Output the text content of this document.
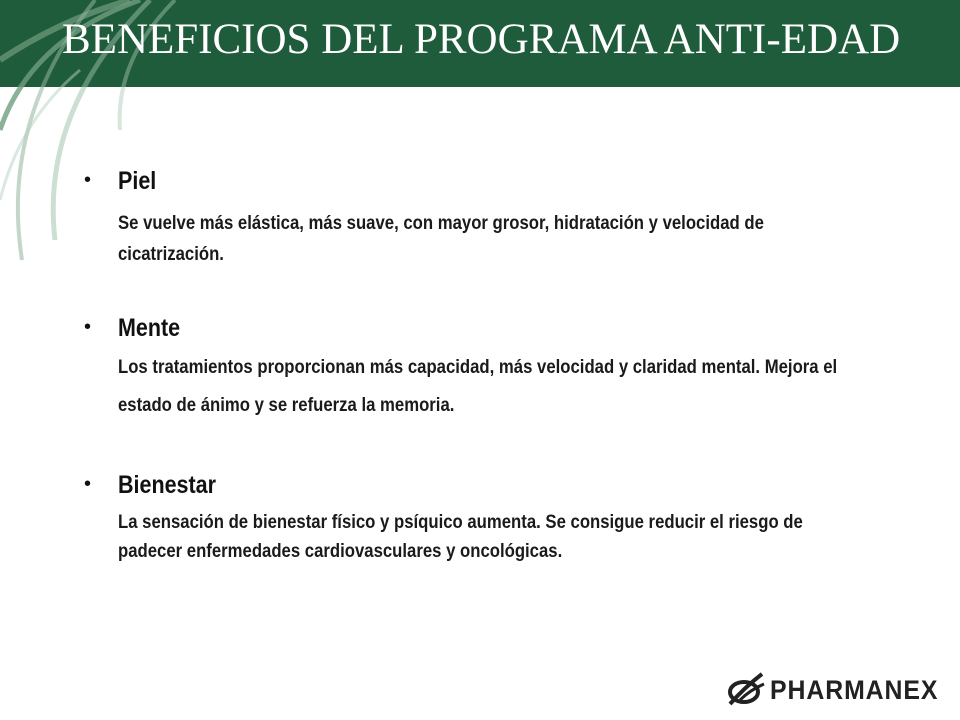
BENEFICIOS DEL PROGRAMA ANTI-EDAD
• Piel

Se vuelve más elástica, más suave, con mayor grosor, hidratación y velocidad de cicatrización.

• Mente

Los tratamientos proporcionan más capacidad, más velocidad y claridad mental. Mejora el estado de ánimo y se refuerza la memoria.

• Bienestar

La sensación de bienestar físico y psíquico aumenta. Se consigue reducir el riesgo de padecer enfermedades cardiovasculares y oncológicas.

PHARMANEX
